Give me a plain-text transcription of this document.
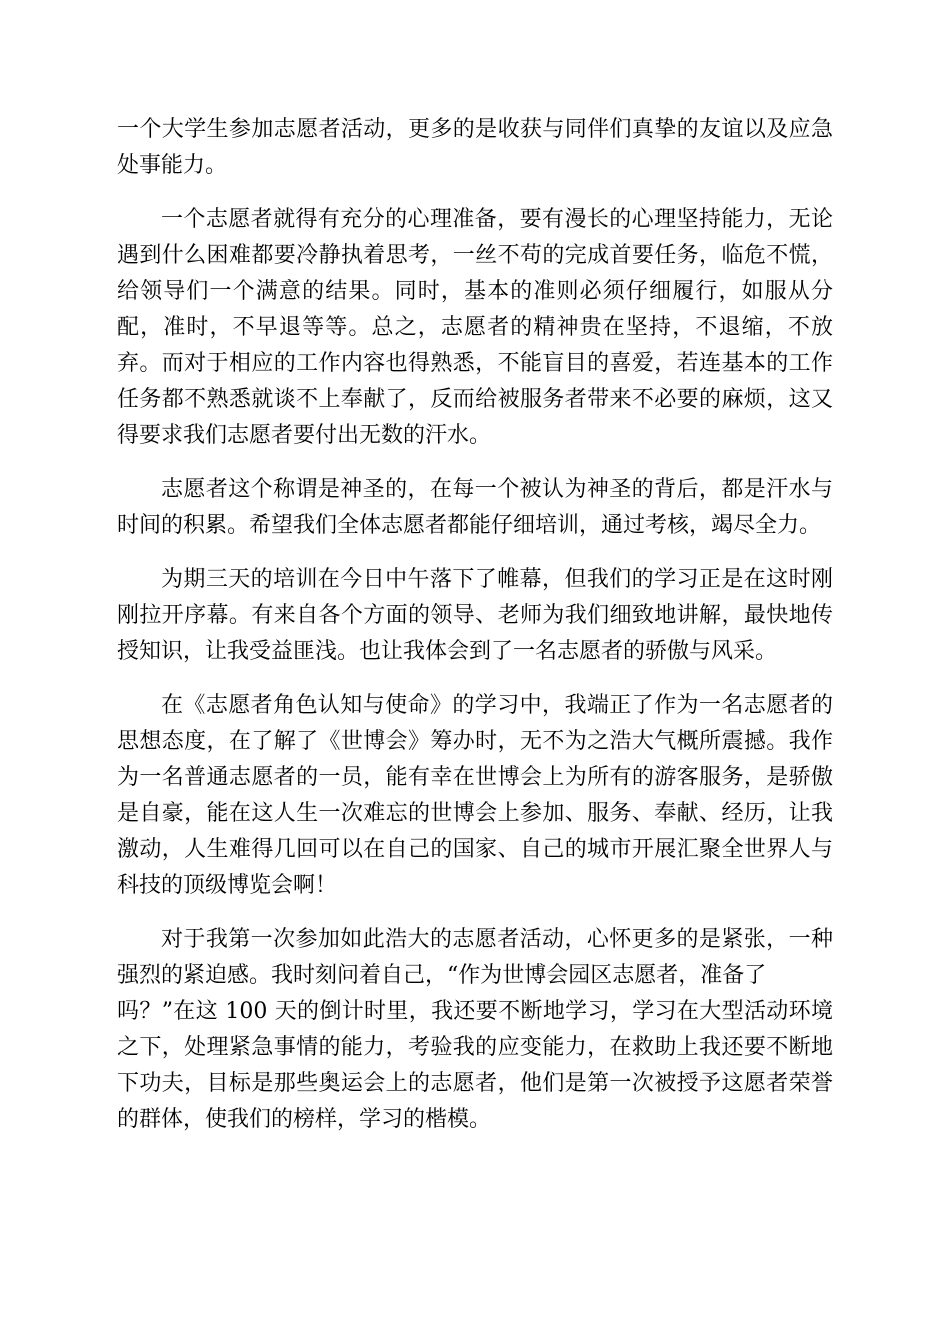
一个大学生参加志愿者活动，更多的是收获与同伴们真挚的友谊以及应急
处事能力。

一个志愿者就得有充分的心理准备，要有漫长的心理坚持能力，无论
遇到什么困难都要冷静执着思考，一丝不苟的完成首要任务，临危不慌，
给领导们一个满意的结果。同时，基本的准则必须仔细履行，如服从分
配，准时，不早退等等。总之，志愿者的精神贵在坚持，不退缩，不放
弃。而对于相应的工作内容也得熟悉，不能盲目的喜爱，若连基本的工作
任务都不熟悉就谈不上奉献了，反而给被服务者带来不必要的麻烦，这又
得要求我们志愿者要付出无数的汗水。

志愿者这个称谓是神圣的，在每一个被认为神圣的背后，都是汗水与
时间的积累。希望我们全体志愿者都能仔细培训，通过考核，竭尽全力。

为期三天的培训在今日中午落下了帷幕，但我们的学习正是在这时刚
刚拉开序幕。有来自各个方面的领导、老师为我们细致地讲解，最快地传
授知识，让我受益匪浅。也让我体会到了一名志愿者的骄傲与风采。

在《志愿者角色认知与使命》的学习中，我端正了作为一名志愿者的
思想态度，在了解了《世博会》筹办时，无不为之浩大气概所震撼。我作
为一名普通志愿者的一员，能有幸在世博会上为所有的游客服务，是骄傲
是自豪，能在这人生一次难忘的世博会上参加、服务、奉献、经历，让我
激动，人生难得几回可以在自己的国家、自己的城市开展汇聚全世界人与
科技的顶级博览会啊！

对于我第一次参加如此浩大的志愿者活动，心怀更多的是紧张，一种
强烈的紧迫感。我时刻问着自己，“作为世博会园区志愿者，准备了
吗？”在这 100 天的倒计时里，我还要不断地学习，学习在大型活动环境
之下，处理紧急事情的能力，考验我的应变能力，在救助上我还要不断地
下功夫，目标是那些奥运会上的志愿者，他们是第一次被授予这愿者荣誉
的群体，使我们的榜样，学习的楷模。
